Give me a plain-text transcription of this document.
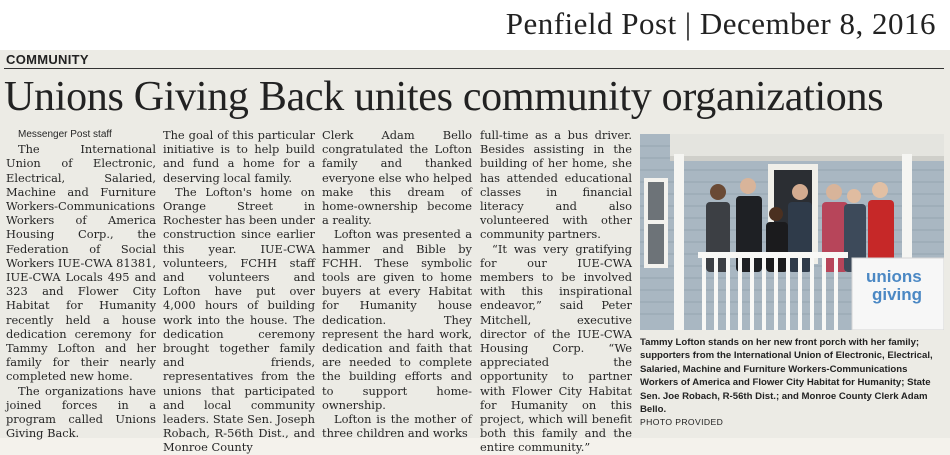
Penfield Post | December 8, 2016
COMMUNITY
Unions Giving Back unites community organizations

Messenger Post staff

The International Union of Electronic, Electrical, Salaried, Machine and Furniture Workers-Communications Workers of America Housing Corp., the Federation of Social Workers IUE-CWA 81381, IUE-CWA Locals 495 and 323 and Flower City Habitat for Humanity recently held a house dedication ceremony for Tammy Lofton and her family for their nearly completed new home.

The organizations have joined forces in a program called Unions Giving Back.

The goal of this particular initiative is to help build and fund a home for a deserving local family.

The Lofton's home on Orange Street in Rochester has been under construction since earlier this year. IUE-CWA volunteers, FCHH staff and volunteers and Lofton have put over 4,000 hours of building work into the house. The dedication ceremony brought together family and friends, representatives from the unions that participated and local community leaders. State Sen. Joseph Robach, R-56th Dist., and Monroe County

Clerk Adam Bello congratulated the Lofton family and thanked everyone else who helped make this dream of home-ownership become a reality.

Lofton was presented a hammer and Bible by FCHH. These symbolic tools are given to home buyers at every Habitat for Humanity house dedication. They represent the hard work, dedication and faith that are needed to complete the building efforts and to support home-ownership.

Lofton is the mother of three children and works

full-time as a bus driver. Besides assisting in the building of her home, she has attended educational classes in financial literacy and also volunteered with other community partners.

“It was very gratifying for our IUE-CWA members to be involved with this inspirational endeavor,” said Peter Mitchell, executive director of the IUE-CWA Housing Corp. “We appreciated the opportunity to partner with Flower City Habitat for Humanity on this project, which will benefit both this family and the entire community.”

unions
giving
Tammy Lofton stands on her new front porch with her family; supporters from the International Union of Electronic, Electrical, Salaried, Machine and Furniture Workers-Communications Workers of America and Flower City Habitat for Humanity; State Sen. Joe Robach, R-56th Dist.; and Monroe County Clerk Adam Bello.
PHOTO PROVIDED
